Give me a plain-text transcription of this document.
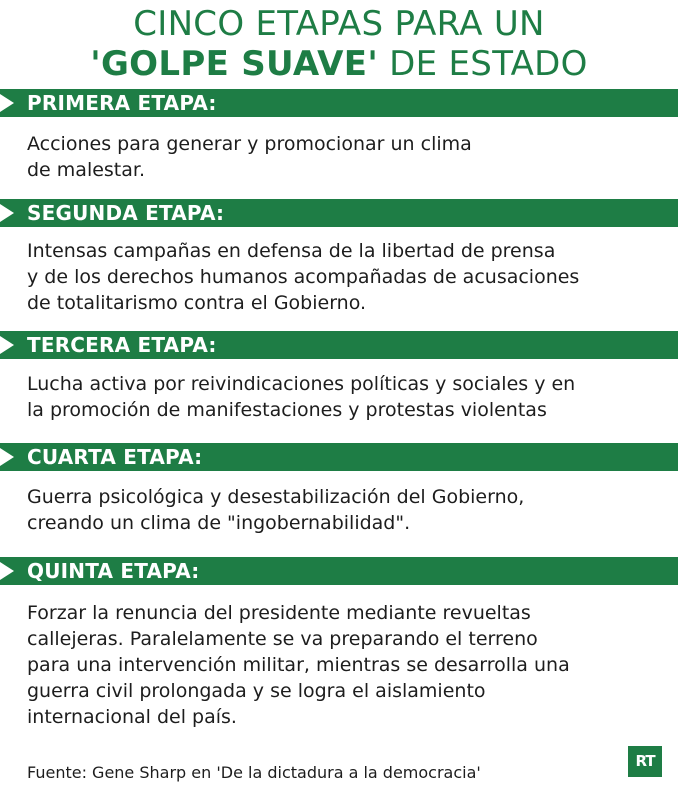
CINCO ETAPAS PARA UN
'GOLPE SUAVE' DE ESTADO
PRIMERA ETAPA:

Acciones para generar y promocionar un clima
de malestar.

SEGUNDA ETAPA:

Intensas campañas en defensa de la libertad de prensa
y de los derechos humanos acompañadas de acusaciones
de totalitarismo contra el Gobierno.

TERCERA ETAPA:

Lucha activa por reivindicaciones políticas y sociales y en
la promoción de manifestaciones y protestas violentas

CUARTA ETAPA:

Guerra psicológica y desestabilización del Gobierno,
creando un clima de "ingobernabilidad".

QUINTA ETAPA:

Forzar la renuncia del presidente mediante revueltas
callejeras. Paralelamente se va preparando el terreno
para una intervención militar, mientras se desarrolla una
guerra civil prolongada y se logra el aislamiento
internacional del país.

Fuente: Gene Sharp en 'De la dictadura a la democracia'
RT
